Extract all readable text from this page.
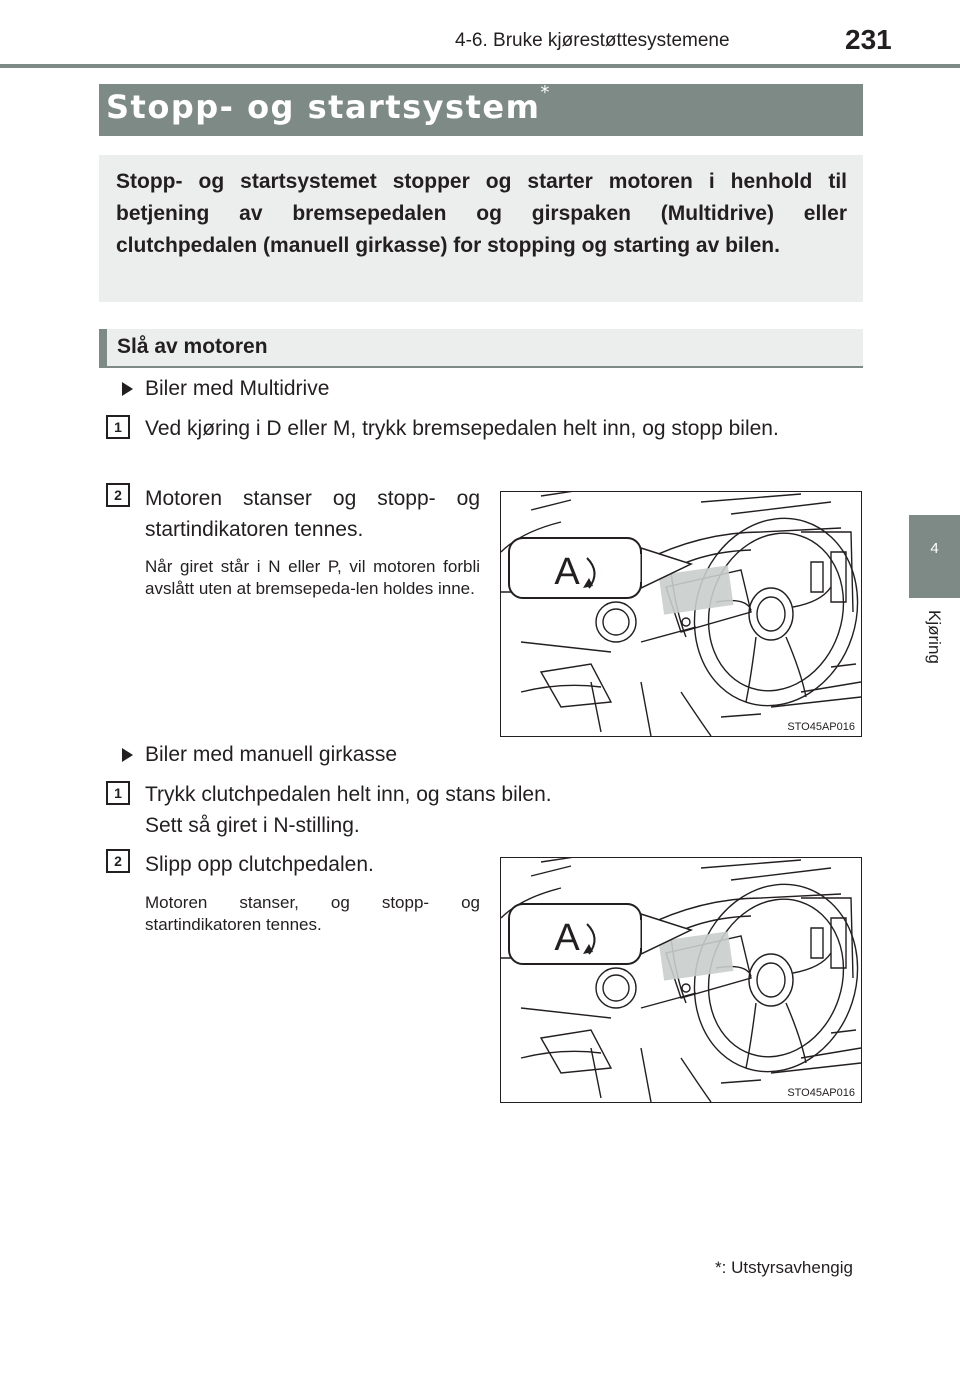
4-6. Bruke kjørestøttesystemene	231
4
Kjøring
Stopp- og startsystem*
Stopp- og startsystemet stopper og starter motoren i henhold til betjening av bremsepedalen og girspaken (Multidrive) eller clutchpedalen (manuell girkasse) for stopping og starting av bilen.
Slå av motoren
Biler med Multidrive
1	Ved kjøring i D eller M, trykk bremsepedalen helt inn, og stopp bilen.
2	Motoren stanser og stopp- og startindikatoren tennes.
Når giret står i N eller P, vil motoren forbli avslått uten at bremsepeda-len holdes inne. A
STO45AP016
Biler med manuell girkasse
1	Trykk clutchpedalen helt inn, og stans bilen.
Sett så giret i N-stilling.
2	Slipp opp clutchpedalen.
Motoren stanser, og stopp- og startindikatoren tennes.	A
STO45AP016
*: Utstyrsavhengig
